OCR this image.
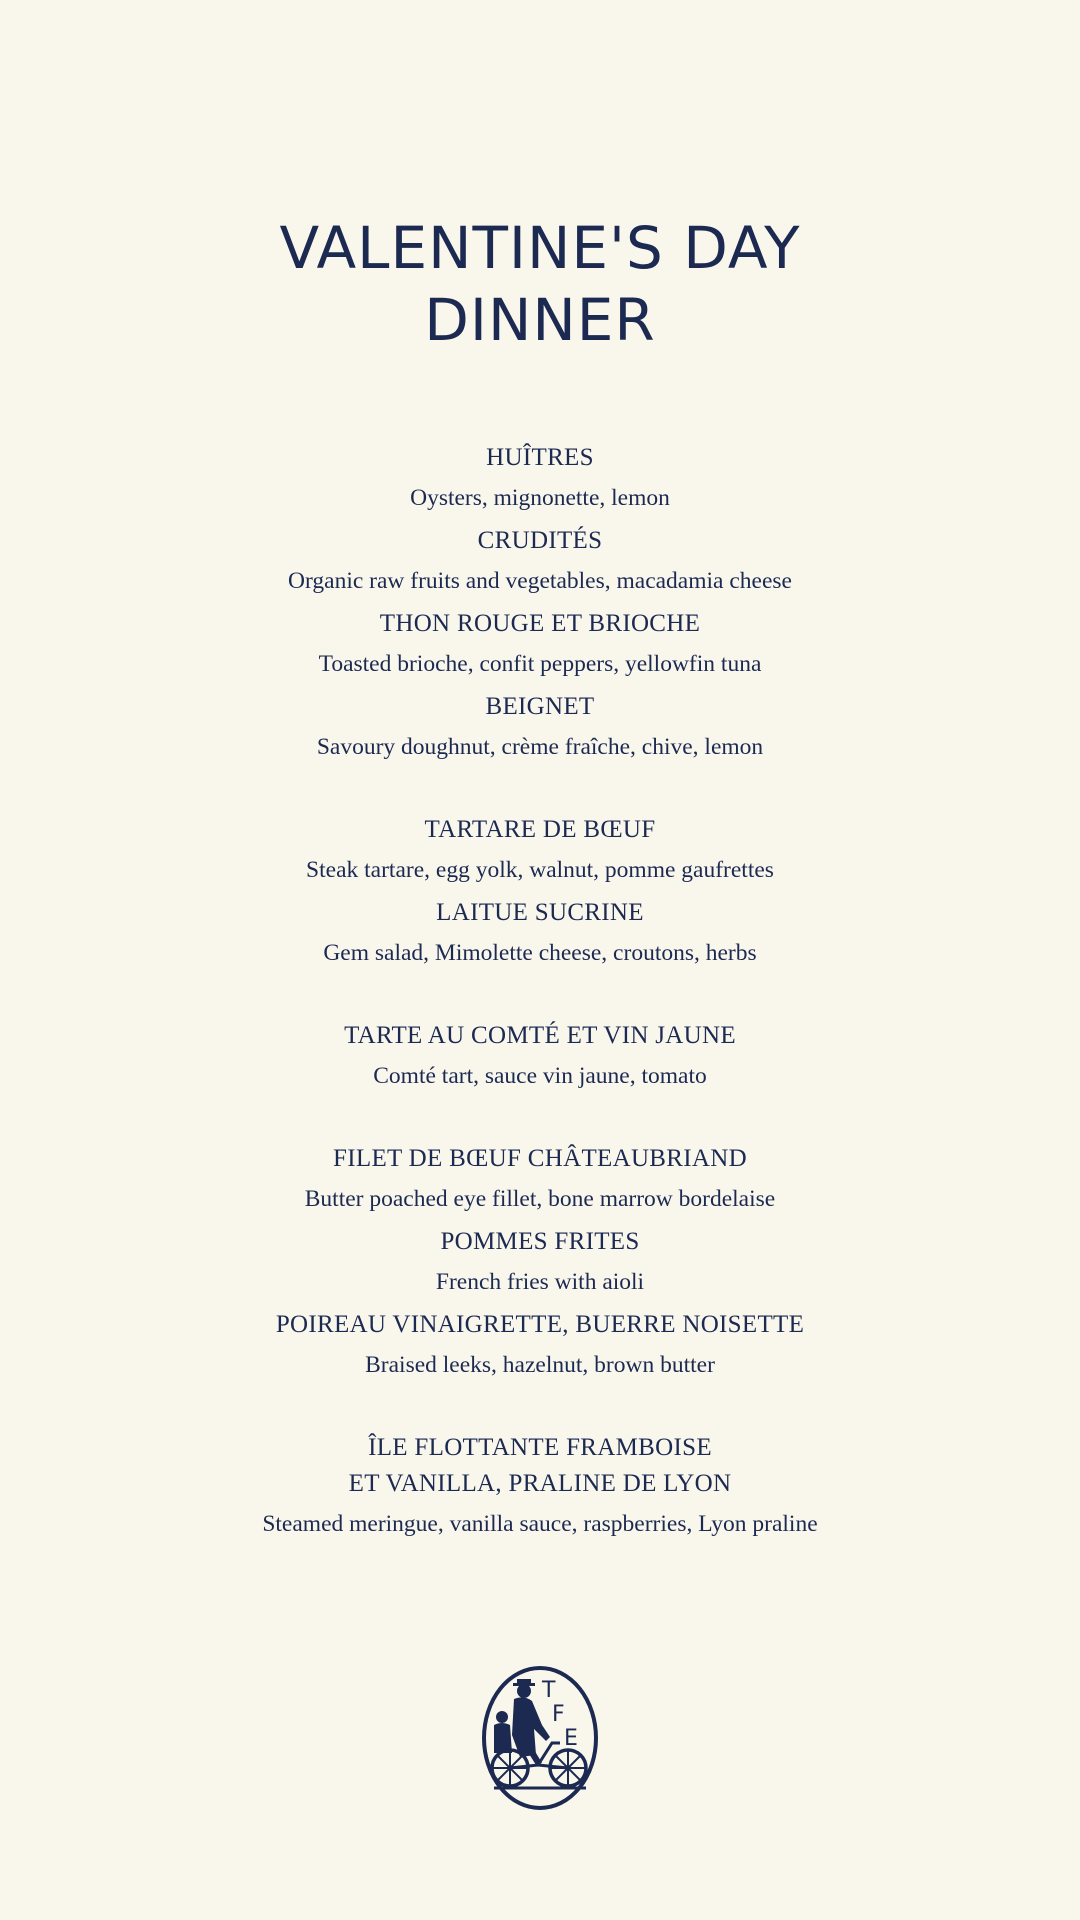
VALENTINE'S DAY
DINNER

HUÎTRES

Oysters, mignonette, lemon

CRUDITÉS

Organic raw fruits and vegetables, macadamia cheese

THON ROUGE ET BRIOCHE

Toasted brioche, confit peppers, yellowfin tuna

BEIGNET

Savoury doughnut, crème fraîche, chive, lemon

TARTARE DE BŒUF

Steak tartare, egg yolk, walnut, pomme gaufrettes

LAITUE SUCRINE

Gem salad, Mimolette cheese, croutons, herbs

TARTE AU COMTÉ ET VIN JAUNE

Comté tart, sauce vin jaune, tomato

FILET DE BŒUF CHÂTEAUBRIAND

Butter poached eye fillet, bone marrow bordelaise

POMMES FRITES

French fries with aioli

POIREAU VINAIGRETTE, BUERRE NOISETTE

Braised leeks, hazelnut, brown butter

ÎLE FLOTTANTE FRAMBOISE
ET VANILLA, PRALINE DE LYON

Steamed meringue, vanilla sauce, raspberries, Lyon praline

T
F
E
